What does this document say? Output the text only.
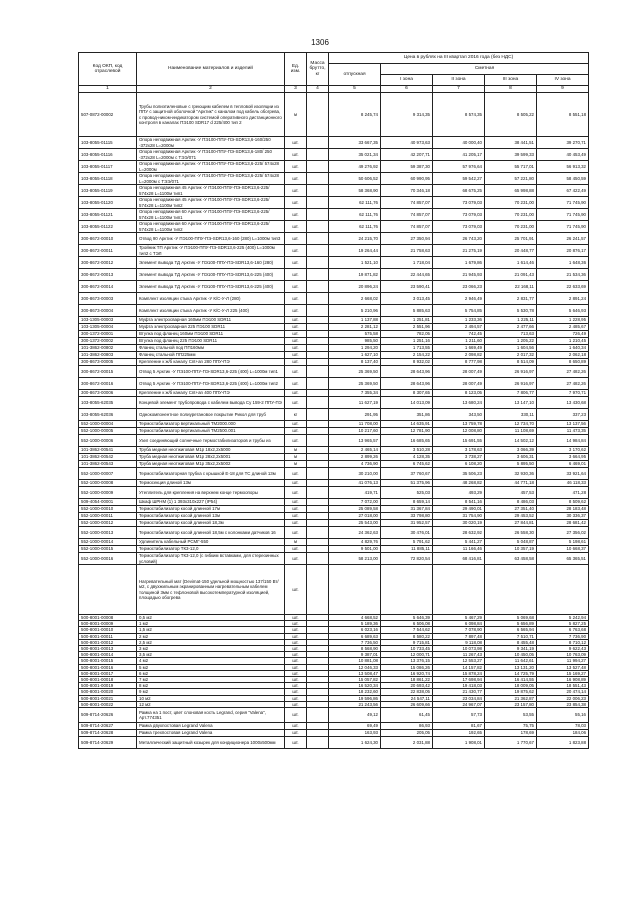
1306
Код ОКП, код отраслевой	Наименование материалов и изделий	Ед. изм.	Масса брутто, кг	Цена в рублях на III квартал 2016 года (без НДС)				
				отпускная	Сметная			
					I зона	II зона	III зона	IV зона
1	2	3	4	5	6	7	8	9
507-0872-00002	Трубы полиэтиленовые с греющим кабелем в тепловой изоляции из ППУ с защитной оболочкой "Арктик" с каналом под кабель обогрева, с провод-ником-индикатором системой оперативного дистанционного контроля в каналах ПЭ100 SDR17 d 225/400 тип 2	м		8 245,74	9 314,35	8 574,35	8 505,22	8 551,18
103-8055-01115	Опора неподвижная Арктик -У ПЭ100-ППУ-ПЭ-SDR13,6-160/250 -372х28 L=2000м	шт.		33 667,35	40 973,63	40 000,40	38 441,51	39 270,71
103-8055-01116	Опора неподвижная Арктик -У ПЭ100-ППУ-ПЭ-SDR13,6-180/ 250 -372х28 L=2000м с ТЭЭ/071	шт.		35 021,34	42 207,71	41 205,17	39 599,33	40 453,49
103-8055-01117	Опора неподвижная Арктик -У ПЭ100-ППУ-ПЭ-SDR13,6-225/ 574х28 L=2000м	шт.		49 276,92	59 387,30	57 976,64	55 717,01	56 913,32
103-8055-01118	Опора неподвижная Арктик -У ПЭ100-ППУ-ПЭ-SDR13,6-225/ 574х28 L=2000м с ТЭЭ/071	шт.		50 606,52	60 990,95	59 542,27	57 221,80	58 450,59
103-8055-01119	Опора неподвижная 45 Арктик -У ПЭ100-ППУ-ПЭ-SDR13,6-225/ 574х28 L=1100м тип1	шт.		58 368,90	70 346,18	68 675,25	65 998,88	67 422,49
103-8055-01120	Опора неподвижная 45 Арктик -У ПЭ100-ППУ-ПЭ-SDR13,6-225/ 574х28 L=1100м тип2	шт.		62 111,76	74 857,07	73 079,03	70 231,00	71 745,90
103-8055-01121	Опора неподвижная 60 Арктик -У ПЭ100-ППУ-ПЭ-SDR13,6-225/ 574х28 L=1100м тип1	шт.		62 111,76	74 857,07	73 079,03	70 231,00	71 745,90
103-8055-01122	Опора неподвижная 60 Арктик -У ПЭ100-ППУ-ПЭ-SDR13,6-225/ 574х28 L=1100м тип2	шт.		62 111,76	74 857,07	73 079,03	70 231,00	71 745,90
300-8672-00010	Отвод 90 Арктик -У ПЭ100-ППУ-ПЭ-SDR13,6-160 (280) L=1000м тип3	шт.		24 215,70	27 350,94	26 743,20	25 701,91	26 241,57
300-8672-00011	Тройник ТП Арктик -У ПЭ100-ППУ-ПЭ-SDR13,6-225 (400) L=1000м тип2 с ТЭЛ	шт.		19 264,44	21 758,63	21 275,19	20 448,77	20 876,17
300-8672-00012	Элемент вывода ТД Арктик -У ПЭ100-ППУ-ПЭ-SDR13,6-160 (280)	шт.		1 521,10	1 718,04	1 679,86	1 614,46	1 648,36
300-8672-00013	Элемент вывода ТД Арктик -У ПЭ100-ППУ-ПЭ-SDR13,6-225 (400)	шт.		19 871,82	22 444,65	21 945,93	21 091,43	21 534,36
300-8672-00014	Элемент вывода ТД Арктик -У ПЭ100-ППУ-ПЭ-SDR13,6-225 (400)	шт.		20 896,24	23 590,41	23 066,23	22 168,11	22 633,69
300-8673-00003	Комплект изоляции стыка Арктик -У К/С-У-Л (280)	шт.		2 668,02	3 013,45	2 946,49	2 831,77	2 891,24
300-8673-00004	Комплект изоляции стыка Арктик -У К/С-У-Л 225 (400)	шт.		5 210,96	5 885,63	5 754,85	5 530,78	5 646,93
103-1305-00003	Муфта электросварная 160мм ПЭ100 SDR11	шт.		1 137,88	1 251,81	1 233,36	1 225,11	1 228,95
103-1305-00004	Муфта электросварная 225 ПЭ100 SDR11	шт.		2 281,12	2 551,96	2 494,57	2 477,66	2 485,67
300-1372-00001	Втулка под фланец 160мм ПЭ100 SDR11	шт.		575,58	782,05	742,45	713,63	726,49
300-1372-00002	Втулка под фланец 225 ПЭ100 SDR11	шт.		985,50	1 251,16	1 211,60	1 205,22	1 210,45
101-3862-00802	Фланец стальной под ПП160мм	шт.		1 294,20	1 713,55	1 669,49	1 604,56	1 640,34
101-3862-00803	Фланец стальной ПП225мм	шт.		1 627,10	2 154,22	2 098,82	2 017,32	2 062,18
300-8673-00005	Крепление к ж/б каналу Cnt+an 280 ППУ-ПЭ	шт.		8 137,40	8 932,02	8 777,98	8 514,09	8 650,89
300-8672-00015	Отвод 5 Арктик -У ПЭ100-ППУ-ПЭ-SDR13,6-225 (400) L=1000м тип1	шт.		25 369,50	28 643,96	28 007,49	26 916,97	27 482,26
300-8672-00016	Отвод 5 Арктик -У ПЭ100-ППУ-ПЭ-SDR13,6-225 (400) L=1000м тип2	шт.		25 369,50	28 643,96	28 007,49	26 916,97	27 482,26
300-8673-00006	Крепление к ж/б каналу Cnt+an 400 ППУ-ПЭ	шт.		7 355,34	8 307,65	8 123,05	7 806,77	7 970,71
103-8055-62035	Концевой элемент трубопровода с кабелем вывода Су 159-2 ППУ-ПЭ	шт.		11 627,19	14 013,09	13 680,24	13 147,10	13 430,68
103-8055-62036	Однокомпонентное полиуретановое покрытие Рикол для труб	кг		291,95	351,86	343,50	330,11	337,23
552-1000-00004	Термостабилизатор вертикальный ТМ2000.000	шт.		11 708,00	14 635,91	13 759,78	12 734,70	13 137,56
552-1000-00005	Термостабилизатор вертикальный ТМ2500.001	шт.		10 217,60	12 781,90	12 008,80	11 108,69	11 473,35
552-1000-00006	Узел соединяющий солнечные термостабилизаторов и трубы из	шт.		13 965,57	16 685,65	15 691,55	14 502,12	14 984,84
101-3862-00541	Труба медная неотжиговая М1р 18х2,2х5000	м		2 465,14	3 510,28	3 178,63	3 066,39	3 170,62
101-3862-00542	Труба медная неотжиговая М1р 28х2,2х5001	м		2 899,26	4 128,35	3 738,27	3 606,31	3 664,95
101-3862-00543	Труба медная неотжиговая М1р 35х2,2х5002	м		4 736,90	6 745,62	6 108,20	5 895,50	6 469,01
552-1000-00007	Термостабилизаторная трубка с крышкой Е-18 для ТС длиной 13м	шт.		30 210,00	37 760,67	35 506,23	32 930,36	33 921,64
552-1000-00008	Термосекция длиной 13м	шт.		41 076,13	51 375,96	48 268,82	44 771,18	46 118,33
552-1000-00009	Утеплитель для крепления на верхнем конце термоопоры	шт.		419,71	525,03	493,29	457,53	471,28
509-4054-00001	Шкаф ШРНМ (1) 1 393х310х227 (IP54)	шт.		7 072,00	8 659,14	8 541,16	8 486,03	8 509,62
552-1000-00010	Термостабилизатор косой длинной 17м	шт.		25 089,58	31 367,84	29 490,01	27 351,40	28 183,48
552-1000-00011	Термостабилизатор косой длинной 13м	шт.		27 018,00	33 798,80	31 754,90	29 453,52	30 336,37
552-1000-00012	Термостабилизатор косой длинной 18,3м	шт.		25 543,00	31 952,57	30 020,19	27 844,81	28 681,42
552-1000-00013	Термостабилизатор косой длинной 18,5м с колонками датчиков 16	шт.		24 362,63	30 476,01	28 632,92	26 558,30	27 356,02
552-1000-00014	Удлинитель кабельный РСМГ-550	м		4 829,76	5 791,62	5 441,27	5 048,87	5 198,61
552-1000-00015	Термостабилизатор ТК3-12,0	шт.		9 501,00	11 885,11	11 166,46	10 357,19	10 668,37
552-1000-00016	Термостабилизатор ТК3-12,0 (с гибким вставками, для стереоинных условий)	шт.		58 213,00	72 820,54	68 416,81	63 458,58	65 365,51
	Нагревательный мат (Devimat-150 удельной мощностью 137/150 Вт/м2, с двухжильным экранированным нагревательным кабелем толщиной 3мм с тефлоновой высокотемпературной изоляцией, площадью обогрева	шт.						
500-8001-00008	0,5 м2	шт.		4 668,52	5 646,39	5 467,29	5 069,68	5 242,94
500-8001-00009	1 м2	шт.		5 189,36	6 506,08	6 098,84	5 656,89	5 827,25
500-8001-00010	1,5 м2	шт.		6 023,16	7 544,62	7 078,90	6 565,94	6 763,68
500-8001-00011	2 м2	шт.		6 689,63	8 580,22	7 897,48	7 510,71	7 736,90
500-8001-00012	2,5 м2	шт.		7 736,50	9 715,81	9 118,08	8 455,48	8 710,12
500-8001-00013	3 м2	шт.		8 568,90	10 733,45	10 073,98	9 341,19	9 622,43
500-8001-00014	3,5 м2	шт.		9 387,01	12 000,71	11 267,43	10 450,05	10 763,09
500-8001-00015	4 м2	шт.		10 881,08	13 376,15	12 553,27	11 642,61	11 994,27
500-8001-00016	5 м2	шт.		12 046,33	15 086,26	14 157,82	13 131,20	13 527,48
500-8001-00017	6 м2	шт.		13 508,47	16 920,74	15 878,24	14 725,79	15 169,27
500-8001-00018	7 м2	шт.		15 057,82	18 861,22	17 698,94	16 414,55	16 908,89
500-8001-00019	8 м2	шт.		16 520,34	20 693,42	19 418,03	18 009,05	18 551,43
500-8001-00020	9 м2	шт.		18 232,60	22 838,05	21 430,77	19 875,62	20 474,14
500-8001-00021	10 м2	шт.		19 596,86	24 547,11	23 034,84	21 362,87	22 006,23
500-8001-00022	12 м2	шт.		21 243,56	26 609,66	24 967,07	23 157,80	23 854,38
509-8714-20626	Рамка на 1 пост, цвет слоновая кость Legrand, серия "Valena", Арт.774351	шт.		49,12	61,45	57,73	53,55	55,16
509-8714-20627	Рамка двухпостовая Legrand Valena	шт.		69,49	86,93	81,67	75,75	78,03
509-8714-20628	Рамка трехпостовая Legrand Valena	шт.		163,93	205,05	192,65	178,69	184,06
509-8714-20629	Металлический защитный козырек для кондиционера 1000х500мм	шт.		1 624,30	2 031,88	1 908,01	1 770,67	1 823,88
